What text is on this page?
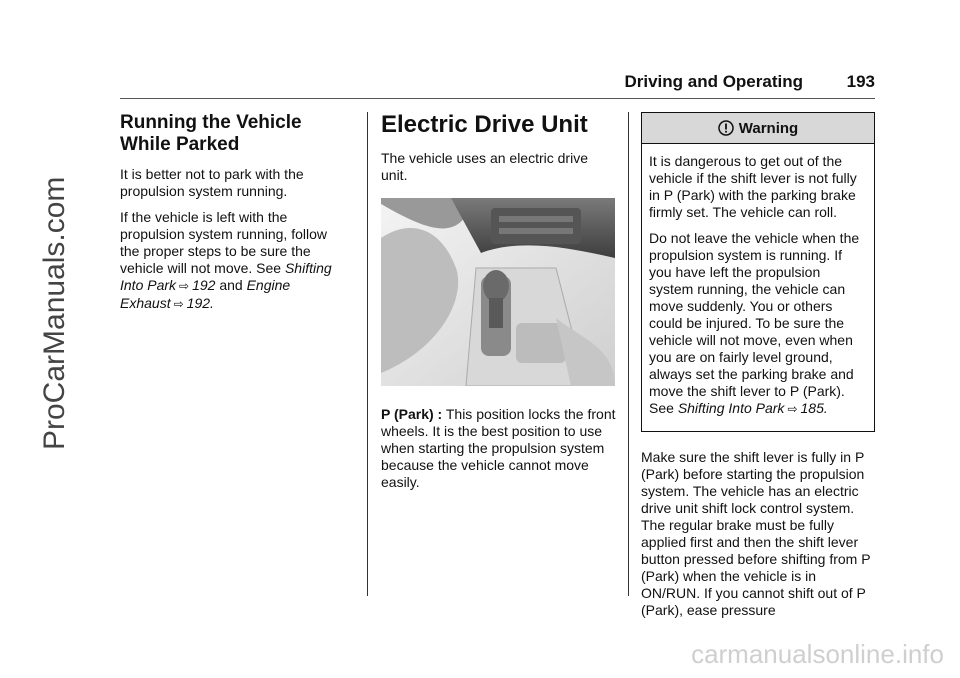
Driving and Operating	193
ProCarManuals.com
carmanualsonline.info
Running the Vehicle While Parked

It is better not to park with the propulsion system running.

If the vehicle is left with the propulsion system running, follow the proper steps to be sure the vehicle will not move. See Shifting Into Park ⇨ 192 and Engine Exhaust ⇨ 192.

Electric Drive Unit

The vehicle uses an electric drive unit.

P (Park) : This position locks the front wheels. It is the best position to use when starting the propulsion system because the vehicle cannot move easily.

Warning

It is dangerous to get out of the vehicle if the shift lever is not fully in P (Park) with the parking brake firmly set. The vehicle can roll.

Do not leave the vehicle when the propulsion system is running. If you have left the propulsion system running, the vehicle can move suddenly. You or others could be injured. To be sure the vehicle will not move, even when you are on fairly level ground, always set the parking brake and move the shift lever to P (Park). See Shifting Into Park ⇨ 185.

Make sure the shift lever is fully in P (Park) before starting the propulsion system. The vehicle has an electric drive unit shift lock control system. The regular brake must be fully applied first and then the shift lever button pressed before shifting from P (Park) when the vehicle is in ON/RUN. If you cannot shift out of P (Park), ease pressure
